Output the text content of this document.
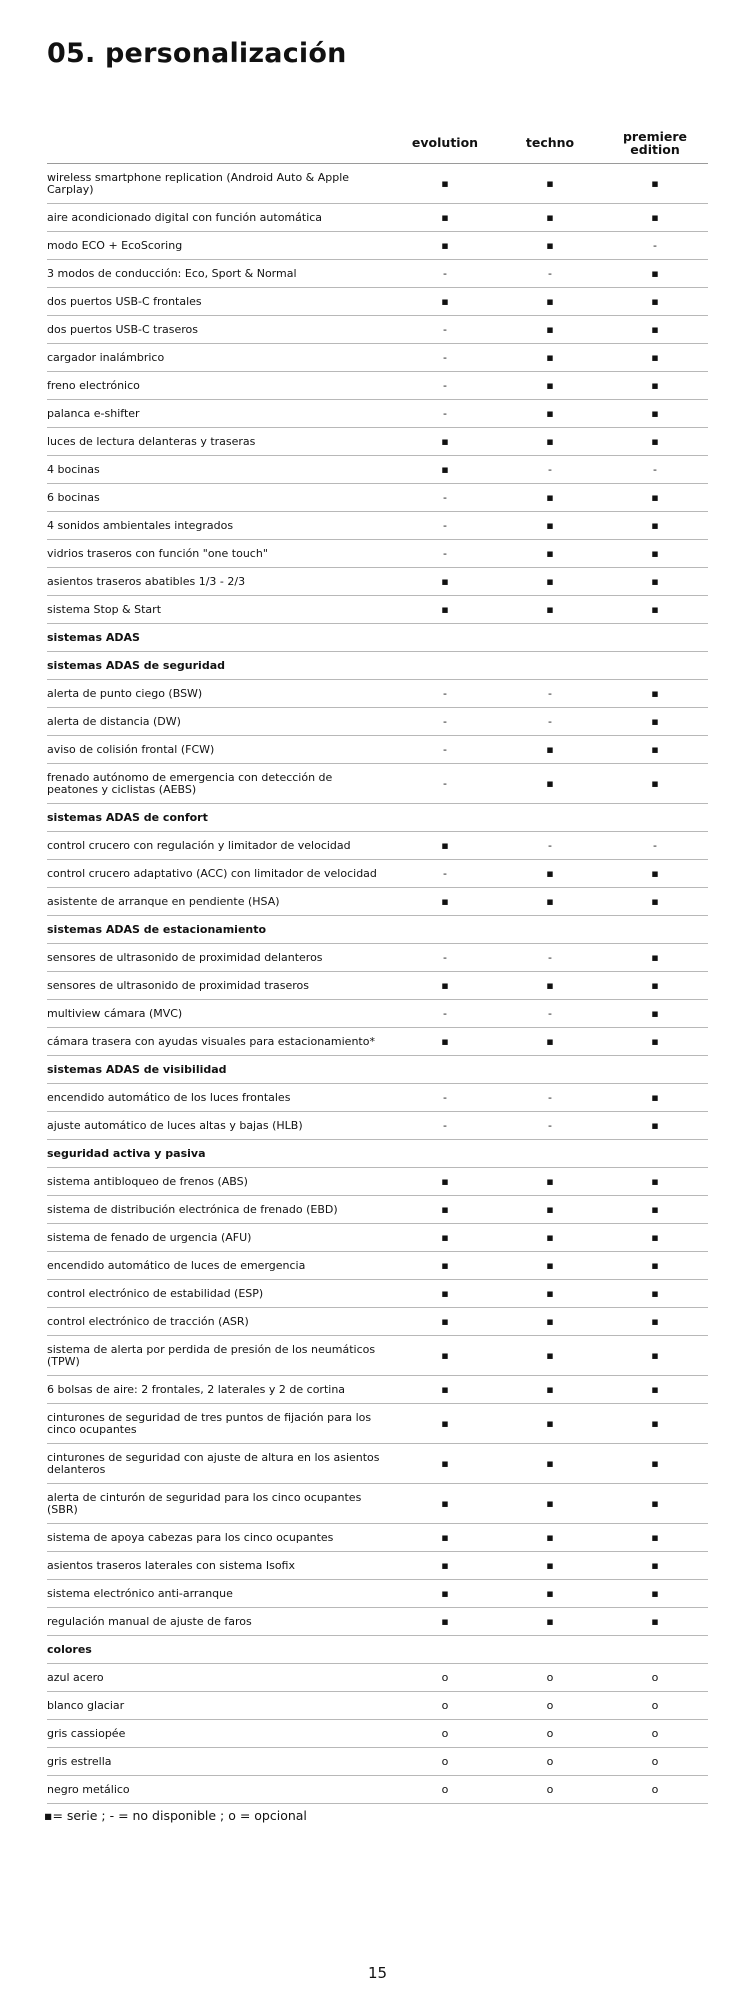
05. personalización
evolution	techno	premiere
edition
wireless smartphone replication (Android Auto & Apple Carplay)	▪	▪	▪
aire acondicionado digital con función automática	▪	▪	▪
modo ECO + EcoScoring	▪	▪	-
3 modos de conducción: Eco, Sport & Normal	-	-	▪
dos puertos USB-C frontales	▪	▪	▪
dos puertos USB-C traseros	-	▪	▪
cargador inalámbrico	-	▪	▪
freno electrónico	-	▪	▪
palanca e-shifter	-	▪	▪
luces de lectura delanteras y traseras	▪	▪	▪
4 bocinas	▪	-	-
6 bocinas	-	▪	▪
4 sonidos ambientales integrados	-	▪	▪
vidrios traseros con función "one touch"	-	▪	▪
asientos traseros abatibles 1/3 - 2/3	▪	▪	▪
sistema Stop & Start	▪	▪	▪
sistemas ADAS
sistemas ADAS de seguridad
alerta de punto ciego (BSW)	-	-	▪
alerta de distancia (DW)	-	-	▪
aviso de colisión frontal (FCW)	-	▪	▪
frenado autónomo de emergencia con detección de peatones y ciclistas (AEBS)	-	▪	▪
sistemas ADAS de confort
control crucero con regulación y limitador de velocidad	▪	-	-
control crucero adaptativo (ACC) con limitador de velocidad	-	▪	▪
asistente de arranque en pendiente (HSA)	▪	▪	▪
sistemas ADAS de estacionamiento
sensores de ultrasonido de proximidad delanteros	-	-	▪
sensores de ultrasonido de proximidad traseros	▪	▪	▪
multiview cámara (MVC)	-	-	▪
cámara trasera con ayudas visuales para estacionamiento*	▪	▪	▪
sistemas ADAS de visibilidad
encendido automático de los luces frontales	-	-	▪
ajuste automático de luces altas y bajas (HLB)	-	-	▪
seguridad activa y pasiva
sistema antibloqueo de frenos (ABS)	▪	▪	▪
sistema de distribución electrónica de frenado (EBD)	▪	▪	▪
sistema de fenado de urgencia (AFU)	▪	▪	▪
encendido automático de luces de emergencia	▪	▪	▪
control electrónico de estabilidad (ESP)	▪	▪	▪
control electrónico de tracción (ASR)	▪	▪	▪
sistema de alerta por perdida de presión de los neumáticos (TPW)	▪	▪	▪
6 bolsas de aire: 2 frontales, 2 laterales y 2 de cortina	▪	▪	▪
cinturones de seguridad de tres puntos de fijación para los cinco ocupantes	▪	▪	▪
cinturones de seguridad con ajuste de altura en los asientos delanteros	▪	▪	▪
alerta de cinturón de seguridad para los cinco ocupantes (SBR)	▪	▪	▪
sistema de apoya cabezas para los cinco ocupantes	▪	▪	▪
asientos traseros laterales con sistema Isofix	▪	▪	▪
sistema electrónico anti-arranque	▪	▪	▪
regulación manual de ajuste de faros	▪	▪	▪
colores
azul acero	o	o	o
blanco glaciar	o	o	o
gris cassiopée	o	o	o
gris estrella	o	o	o
negro metálico	o	o	o
▪= serie ; - = no disponible ; o = opcional
15
